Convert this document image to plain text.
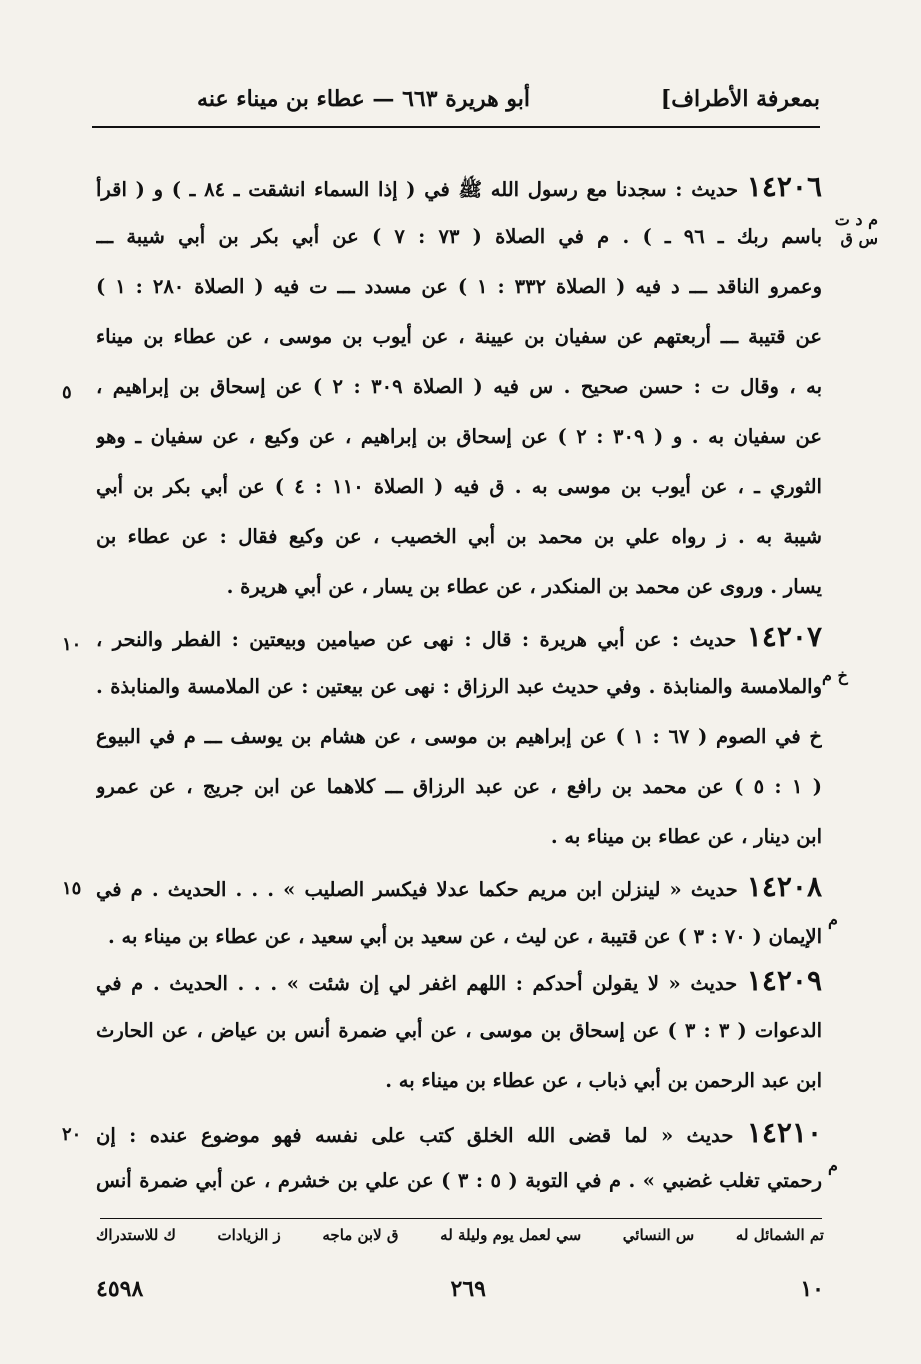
بمعرفة الأطراف]
أبو هريرة ٦٦٣ — عطاء بن ميناء عنه
١٤٢٠٦ حديث : سجدنا مع رسول الله ﷺ في ( إذا السماء انشقت ـ ٨٤ ـ ) و ( اقرأ
باسم ربك ـ ٩٦ ـ ) . م في الصلاة ( ٧٣ : ٧ ) عن أبي بكر بن أبي شيبة ـــ
وعمرو الناقد ـــ د فيه ( الصلاة ٣٣٢ : ١ ) عن مسدد ـــ ت فيه ( الصلاة ٢٨٠ : ١ )
عن قتيبة ـــ أربعتهم عن سفيان بن عيينة ، عن أيوب بن موسى ، عن عطاء بن ميناء
به ، وقال ت : حسن صحيح . س فيه ( الصلاة ٣٠٩ : ٢ ) عن إسحاق بن إبراهيم ،
عن سفيان به . و ( ٣٠٩ : ٢ ) عن إسحاق بن إبراهيم ، عن وكيع ، عن سفيان ـ وهو
الثوري ـ ، عن أيوب بن موسى به . ق فيه ( الصلاة ١١٠ : ٤ ) عن أبي بكر بن أبي
شيبة به . ز رواه علي بن محمد بن أبي الخصيب ، عن وكيع فقال : عن عطاء بن
يسار . وروى عن محمد بن المنكدر ، عن عطاء بن يسار ، عن أبي هريرة .
١٤٢٠٧ حديث : عن أبي هريرة : قال : نهى عن صيامين وبيعتين : الفطر والنحر ،
والملامسة والمنابذة . وفي حديث عبد الرزاق : نهى عن بيعتين : عن الملامسة والمنابذة .
خ في الصوم ( ٦٧ : ١ ) عن إبراهيم بن موسى ، عن هشام بن يوسف ـــ م في البيوع
( ١ : ٥ ) عن محمد بن رافع ، عن عبد الرزاق ـــ كلاهما عن ابن جريج ، عن عمرو
ابن دينار ، عن عطاء بن ميناء به .
١٤٢٠٨ حديث « لينزلن ابن مريم حكما عدلا فيكسر الصليب » . . . الحديث . م في
الإيمان ( ٧٠ : ٣ ) عن قتيبة ، عن ليث ، عن سعيد بن أبي سعيد ، عن عطاء بن ميناء به .
١٤٢٠٩ حديث « لا يقولن أحدكم : اللهم اغفر لي إن شئت » . . . الحديث . م في
الدعوات ( ٣ : ٣ ) عن إسحاق بن موسى ، عن أبي ضمرة أنس بن عياض ، عن الحارث
ابن عبد الرحمن بن أبي ذباب ، عن عطاء بن ميناء به .
١٤٢١٠ حديث « لما قضى الله الخلق كتب على نفسه فهو موضوع عنده : إن
رحمتي تغلب غضبي » . م في التوبة ( ٥ : ٣ ) عن علي بن خشرم ، عن أبي ضمرة أنس
م د ت س ق
٥
١٠
خ م
١٥
م
٢٠
م
تم الشمائل له
س النسائي
سي لعمل يوم وليلة له
ق لابن ماجه
ز الزيادات
ك للاستدراك
١٠
٢٦٩
٤٥٩٨
